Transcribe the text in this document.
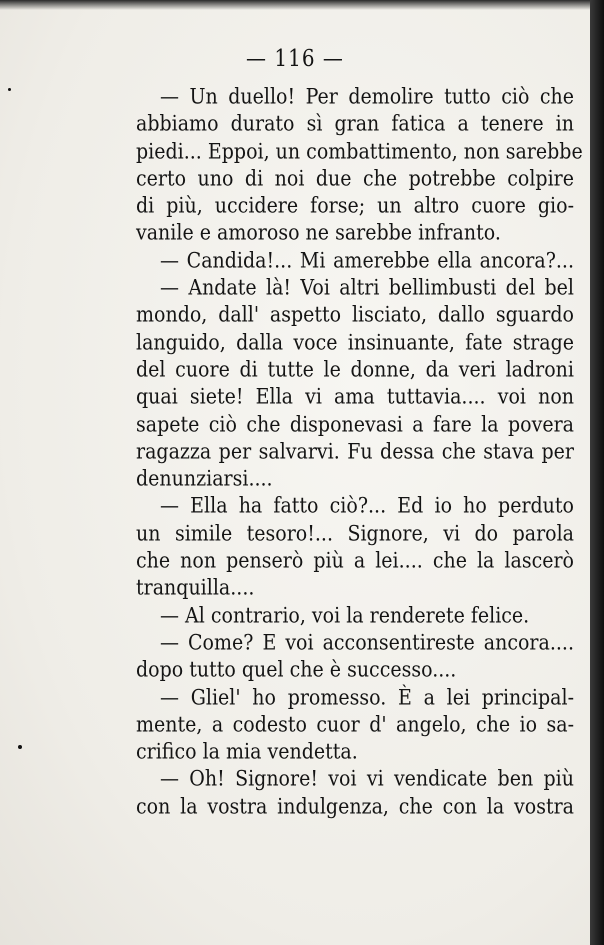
— 116 —
— Un duello! Per demolire tutto ciò che
abbiamo durato sì gran fatica a tenere in
piedi... Eppoi, un combattimento, non sarebbe
certo uno di noi due che potrebbe colpire
di più, uccidere forse; un altro cuore gio-
vanile e amoroso ne sarebbe infranto.
— Candida!... Mi amerebbe ella ancora?...
— Andate là! Voi altri bellimbusti del bel
mondo, dall' aspetto lisciato, dallo sguardo
languido, dalla voce insinuante, fate strage
del cuore di tutte le donne, da veri ladroni
quai siete! Ella vi ama tuttavia.... voi non
sapete ciò che disponevasi a fare la povera
ragazza per salvarvi. Fu dessa che stava per
denunziarsi....
— Ella ha fatto ciò?... Ed io ho perduto
un simile tesoro!... Signore, vi do parola
che non penserò più a lei.... che la lascerò
tranquilla....
— Al contrario, voi la renderete felice.
— Come? E voi acconsentireste ancora....
dopo tutto quel che è successo....
— Gliel' ho promesso. È a lei principal-
mente, a codesto cuor d' angelo, che io sa-
crifico la mia vendetta.
— Oh! Signore! voi vi vendicate ben più
con la vostra indulgenza, che con la vostra
